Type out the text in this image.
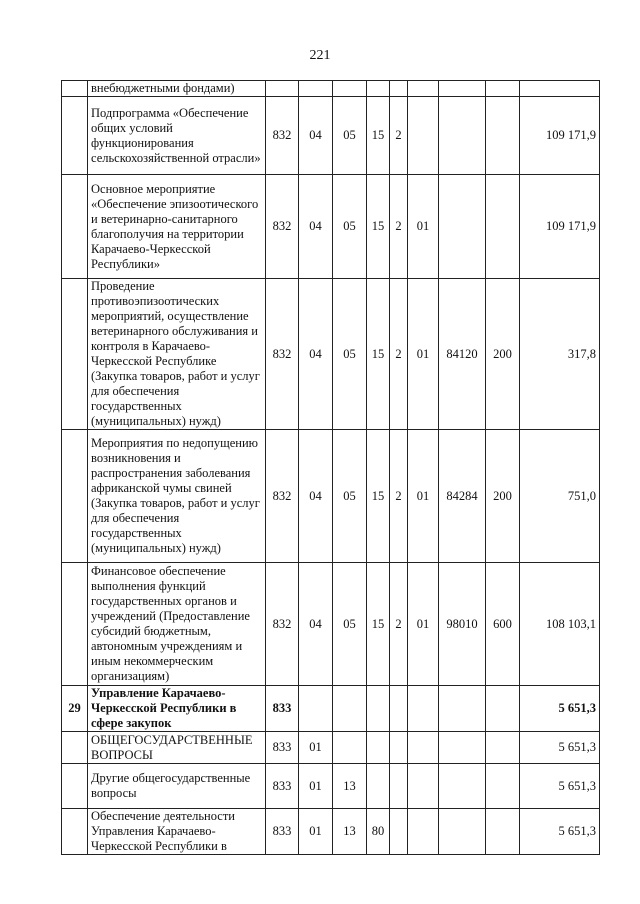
221
	внебюджетными фондами)									
	Подпрограмма «Обеспечение общих условий функционирования сельскохозяйственной отрасли»	832	04	05	15	2				109 171,9
	Основное мероприятие «Обеспечение эпизоотического и ветеринарно-санитарного благополучия на территории Карачаево-Черкесской Республики»	832	04	05	15	2	01			109 171,9
	Проведение противоэпизоотических мероприятий, осуществление ветеринарного обслуживания и контроля в Карачаево-Черкесской Республике (Закупка товаров, работ и услуг для обеспечения государственных (муниципальных) нужд)	832	04	05	15	2	01	84120	200	317,8
	Мероприятия по недопущению возникновения и распространения заболевания африканской чумы свиней (Закупка товаров, работ и услуг для обеспечения государственных (муниципальных) нужд)	832	04	05	15	2	01	84284	200	751,0
	Финансовое обеспечение выполнения функций государственных органов и учреждений (Предоставление субсидий бюджетным, автономным учреждениям и иным некоммерческим организациям)	832	04	05	15	2	01	98010	600	108 103,1
29	Управление Карачаево-Черкесской Республики в сфере закупок	833								5 651,3
	ОБЩЕГОСУДАРСТВЕННЫЕ ВОПРОСЫ	833	01							5 651,3
	Другие общегосударственные вопросы	833	01	13						5 651,3
	Обеспечение деятельности Управления Карачаево-Черкесской Республики в	833	01	13	80					5 651,3
